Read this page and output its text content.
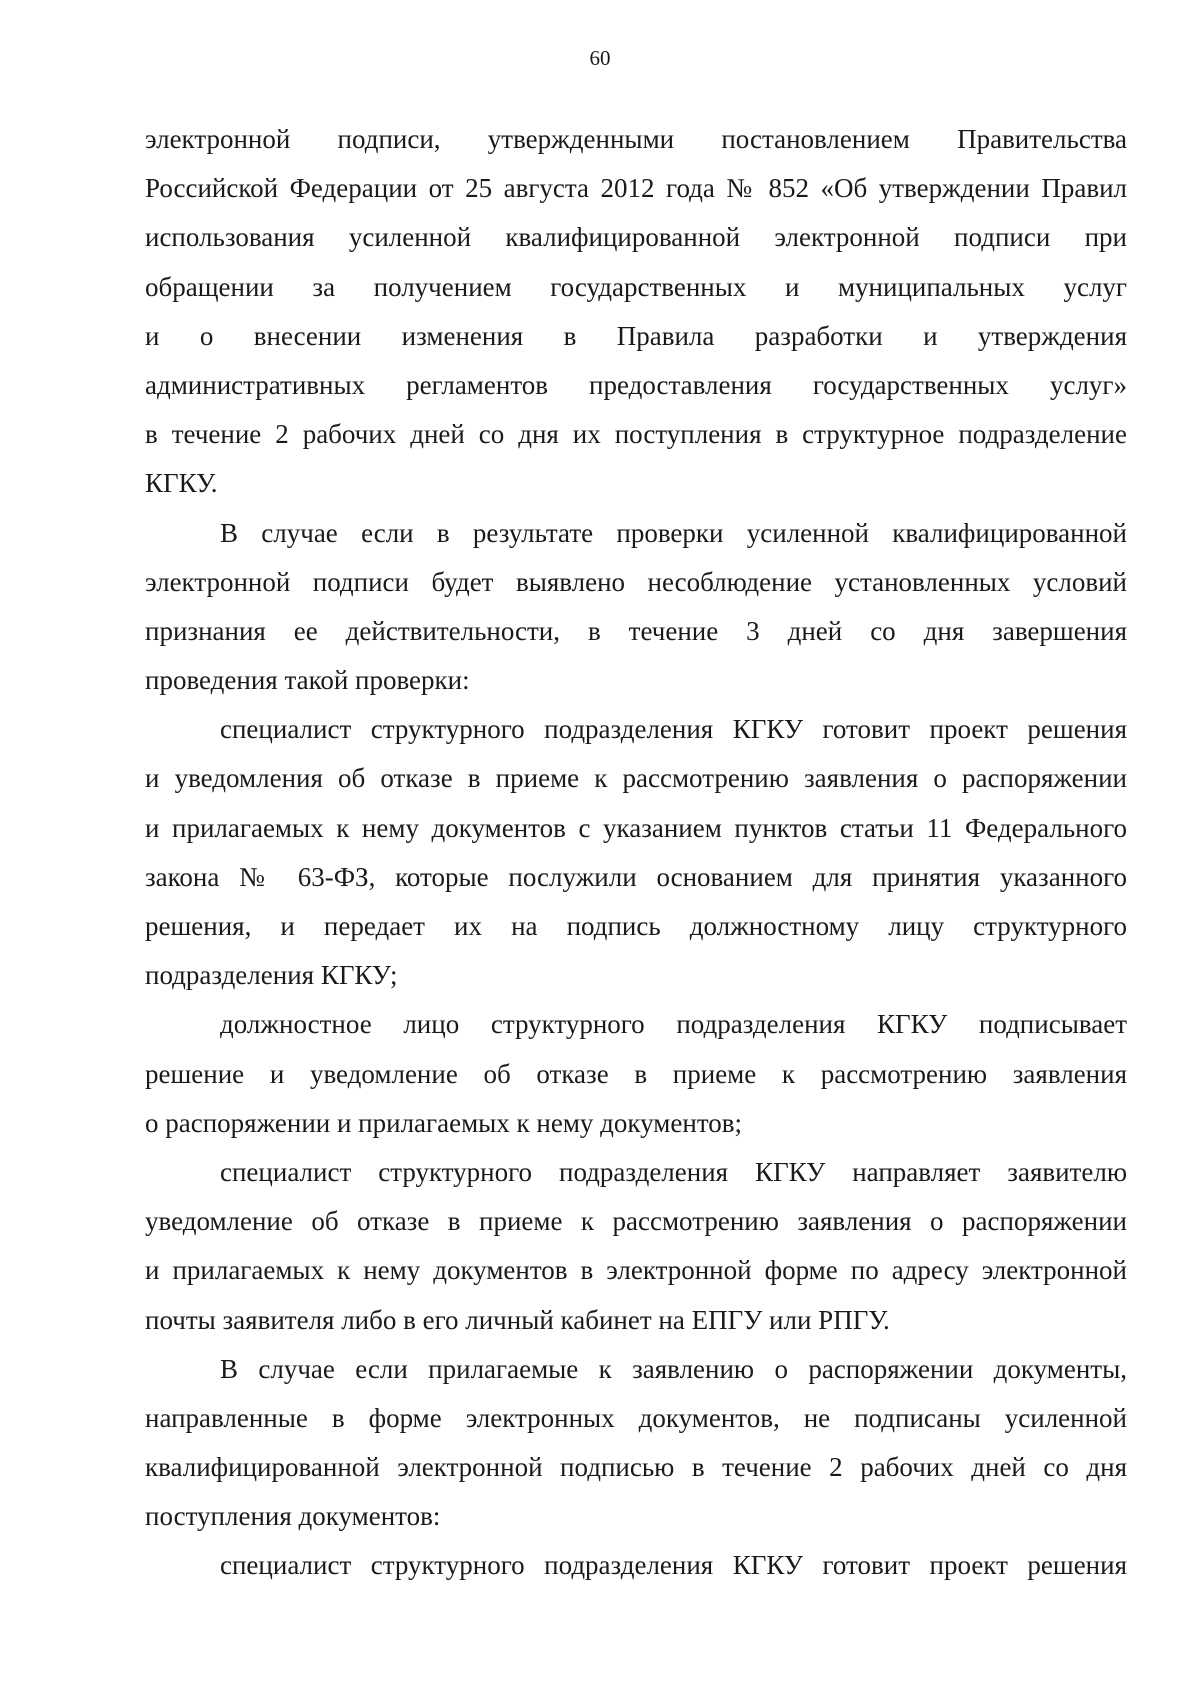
60
электронной подписи, утвержденными постановлением Правительства
Российской Федерации от 25 августа 2012 года № 852 «Об утверждении Правил
использования усиленной квалифицированной электронной подписи при
обращении за получением государственных и муниципальных услуг
и о внесении изменения в Правила разработки и утверждения
административных регламентов предоставления государственных услуг»
в течение 2 рабочих дней со дня их поступления в структурное подразделение
КГКУ.
В случае если в результате проверки усиленной квалифицированной
электронной подписи будет выявлено несоблюдение установленных условий
признания ее действительности, в течение 3 дней со дня завершения
проведения такой проверки:
специалист структурного подразделения КГКУ готовит проект решения
и уведомления об отказе в приеме к рассмотрению заявления о распоряжении
и прилагаемых к нему документов с указанием пунктов статьи 11 Федерального
закона № 63-ФЗ, которые послужили основанием для принятия указанного
решения, и передает их на подпись должностному лицу структурного
подразделения КГКУ;
должностное лицо структурного подразделения КГКУ подписывает
решение и уведомление об отказе в приеме к рассмотрению заявления
о распоряжении и прилагаемых к нему документов;
специалист структурного подразделения КГКУ направляет заявителю
уведомление об отказе в приеме к рассмотрению заявления о распоряжении
и прилагаемых к нему документов в электронной форме по адресу электронной
почты заявителя либо в его личный кабинет на ЕПГУ или РПГУ.
В случае если прилагаемые к заявлению о распоряжении документы,
направленные в форме электронных документов, не подписаны усиленной
квалифицированной электронной подписью в течение 2 рабочих дней со дня
поступления документов:
специалист структурного подразделения КГКУ готовит проект решения
